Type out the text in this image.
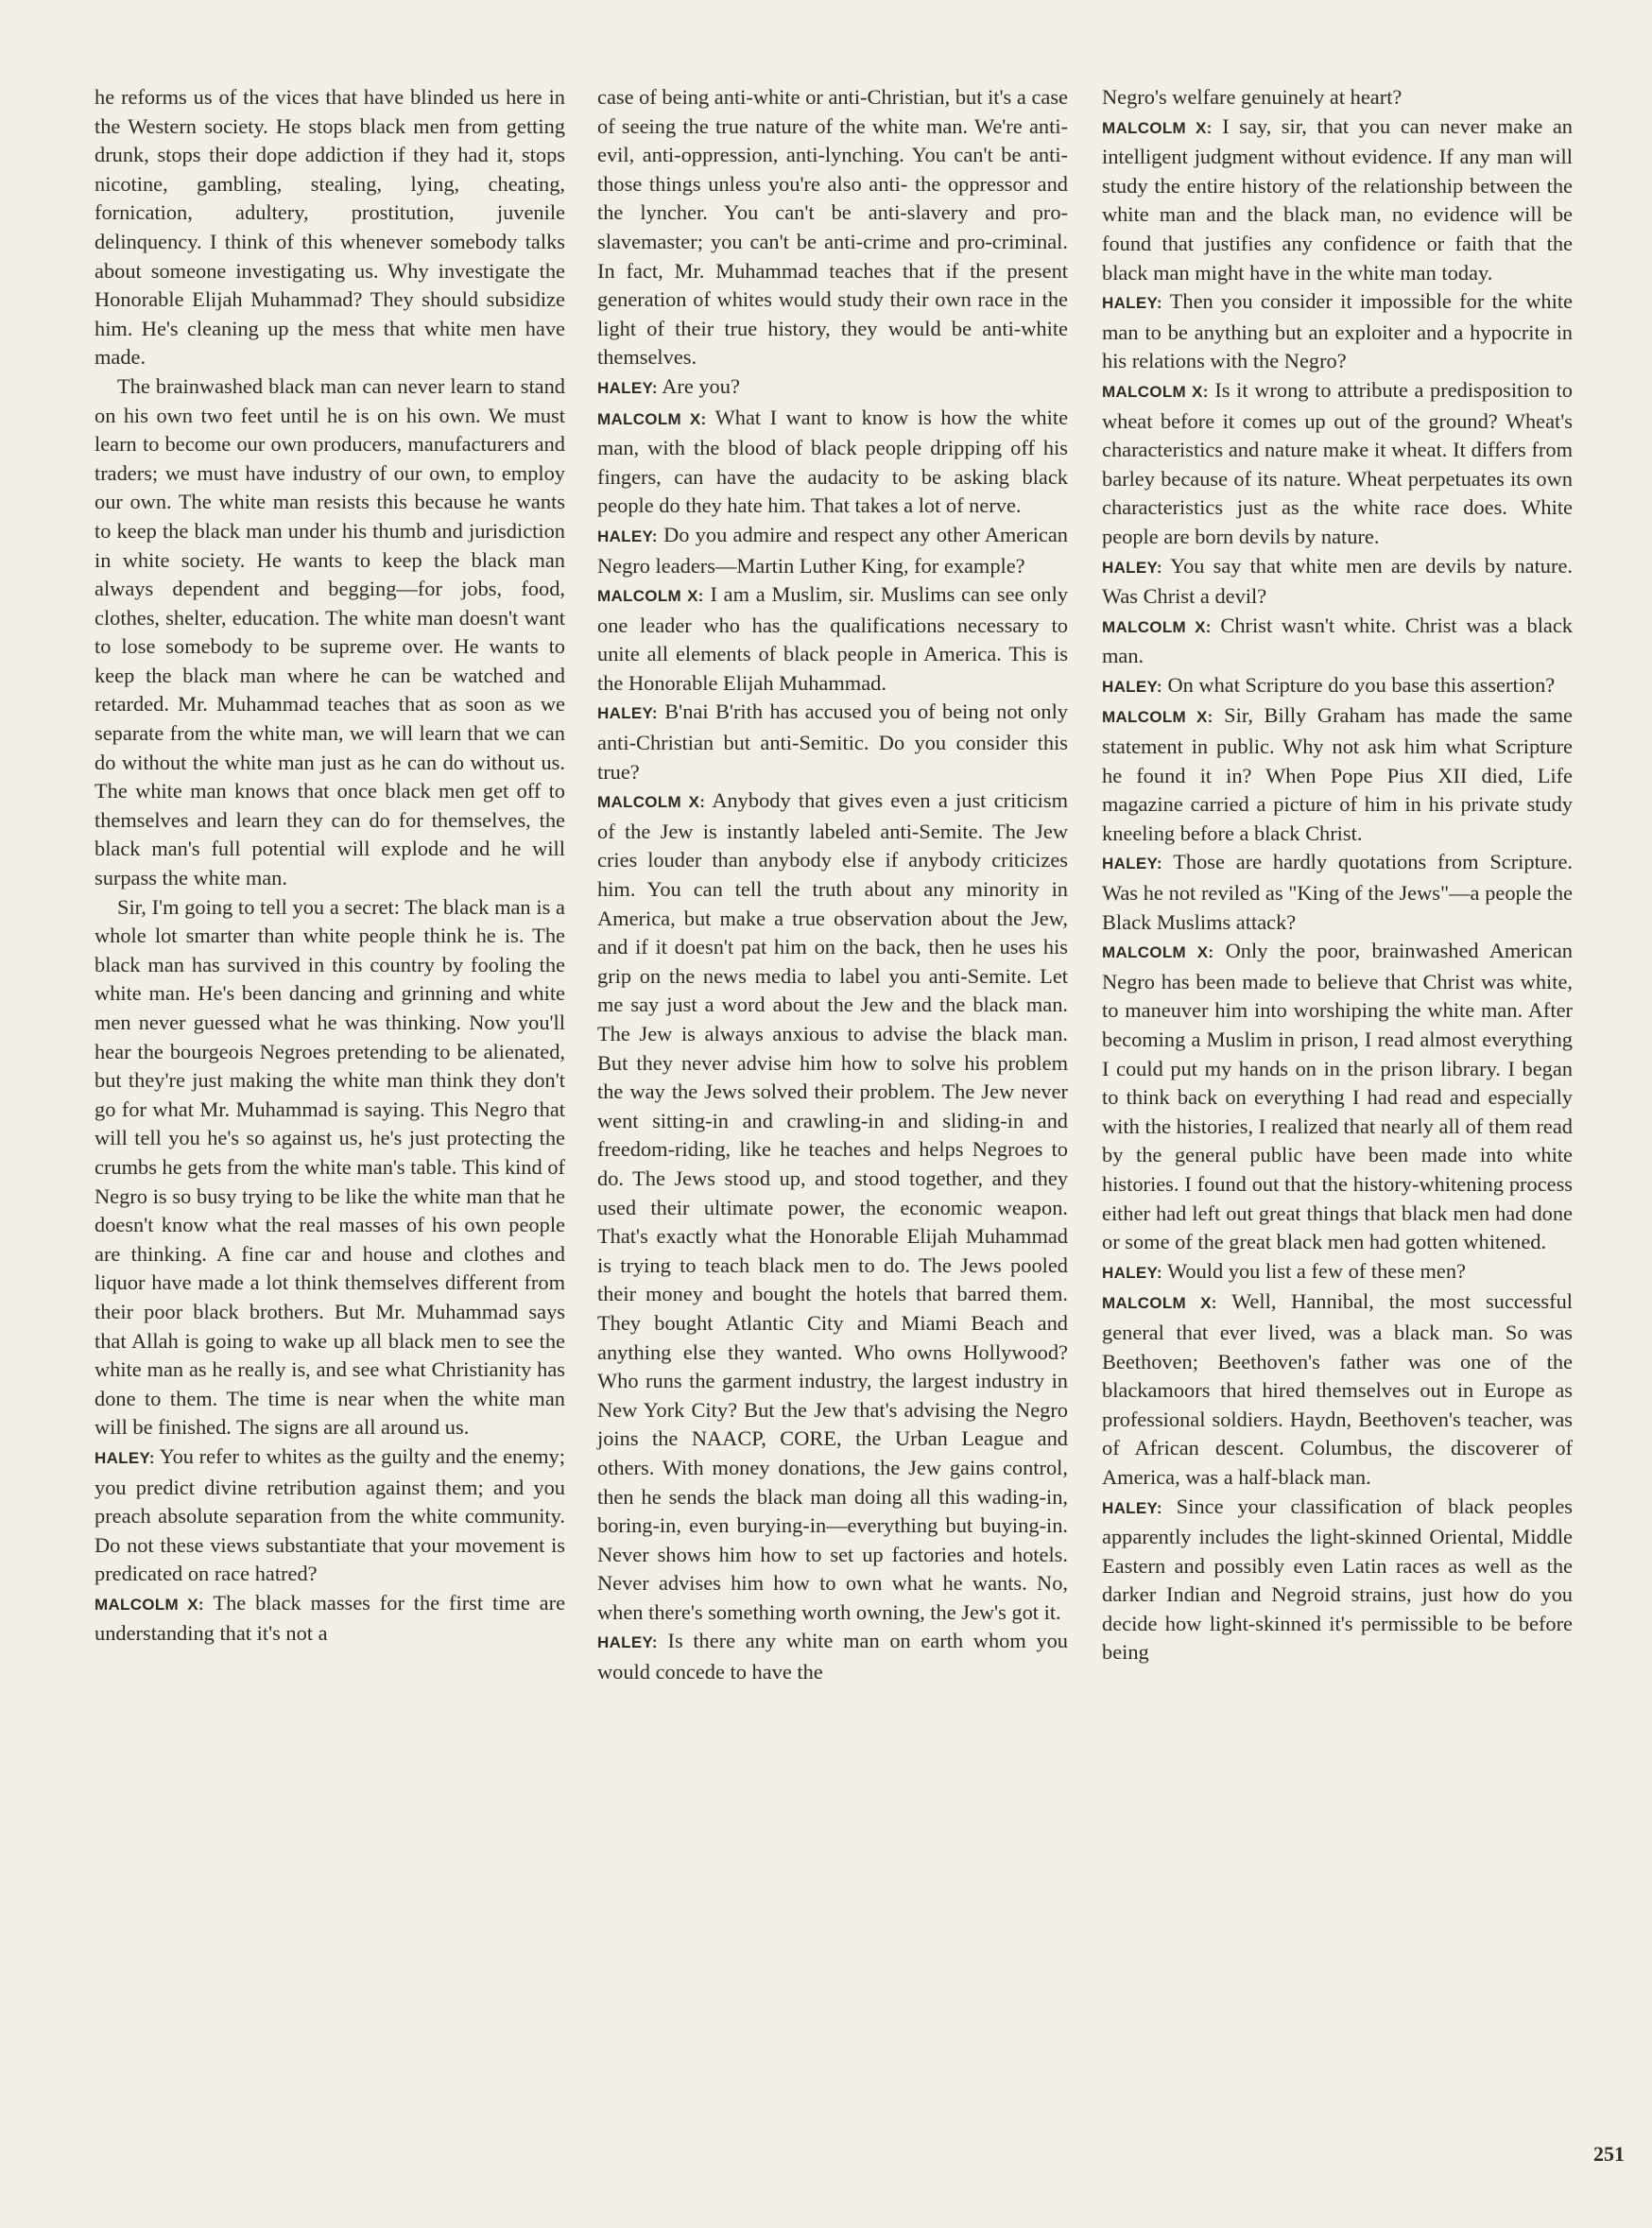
he reforms us of the vices that have blinded us here in the Western society. He stops black men from getting drunk, stops their dope addiction if they had it, stops nicotine, gambling, stealing, lying, cheating, fornication, adultery, prostitution, juvenile delinquency. I think of this whenever somebody talks about someone investigating us. Why investigate the Honorable Elijah Muhammad? They should subsidize him. He's cleaning up the mess that white men have made.

The brainwashed black man can never learn to stand on his own two feet until he is on his own. We must learn to become our own producers, manufacturers and traders; we must have industry of our own, to employ our own. The white man resists this because he wants to keep the black man under his thumb and jurisdiction in white society. He wants to keep the black man always dependent and begging—for jobs, food, clothes, shelter, education. The white man doesn't want to lose somebody to be supreme over. He wants to keep the black man where he can be watched and retarded. Mr. Muhammad teaches that as soon as we separate from the white man, we will learn that we can do without the white man just as he can do without us. The white man knows that once black men get off to themselves and learn they can do for themselves, the black man's full potential will explode and he will surpass the white man.

Sir, I'm going to tell you a secret: The black man is a whole lot smarter than white people think he is. The black man has survived in this country by fooling the white man. He's been dancing and grinning and white men never guessed what he was thinking. Now you'll hear the bourgeois Negroes pretending to be alienated, but they're just making the white man think they don't go for what Mr. Muhammad is saying. This Negro that will tell you he's so against us, he's just protecting the crumbs he gets from the white man's table. This kind of Negro is so busy trying to be like the white man that he doesn't know what the real masses of his own people are thinking. A fine car and house and clothes and liquor have made a lot think themselves different from their poor black brothers. But Mr. Muhammad says that Allah is going to wake up all black men to see the white man as he really is, and see what Christianity has done to them. The time is near when the white man will be finished. The signs are all around us.

HALEY: You refer to whites as the guilty and the enemy; you predict divine retribution against them; and you preach absolute separation from the white community. Do not these views substantiate that your movement is predicated on race hatred?

MALCOLM X: The black masses for the first time are understanding that it's not a

case of being anti-white or anti-Christian, but it's a case of seeing the true nature of the white man. We're anti-evil, anti-oppression, anti-lynching. You can't be anti- those things unless you're also anti- the oppressor and the lyncher. You can't be anti-slavery and pro-slavemaster; you can't be anti-crime and pro-criminal. In fact, Mr. Muhammad teaches that if the present generation of whites would study their own race in the light of their true history, they would be anti-white themselves.

HALEY: Are you?

MALCOLM X: What I want to know is how the white man, with the blood of black people dripping off his fingers, can have the audacity to be asking black people do they hate him. That takes a lot of nerve.

HALEY: Do you admire and respect any other American Negro leaders—Martin Luther King, for example?

MALCOLM X: I am a Muslim, sir. Muslims can see only one leader who has the qualifications necessary to unite all elements of black people in America. This is the Honorable Elijah Muhammad.

HALEY: B'nai B'rith has accused you of being not only anti-Christian but anti-Semitic. Do you consider this true?

MALCOLM X: Anybody that gives even a just criticism of the Jew is instantly labeled anti-Semite. The Jew cries louder than anybody else if anybody criticizes him. You can tell the truth about any minority in America, but make a true observation about the Jew, and if it doesn't pat him on the back, then he uses his grip on the news media to label you anti-Semite. Let me say just a word about the Jew and the black man. The Jew is always anxious to advise the black man. But they never advise him how to solve his problem the way the Jews solved their problem. The Jew never went sitting-in and crawling-in and sliding-in and freedom-riding, like he teaches and helps Negroes to do. The Jews stood up, and stood together, and they used their ultimate power, the economic weapon. That's exactly what the Honorable Elijah Muhammad is trying to teach black men to do. The Jews pooled their money and bought the hotels that barred them. They bought Atlantic City and Miami Beach and anything else they wanted. Who owns Hollywood? Who runs the garment industry, the largest industry in New York City? But the Jew that's advising the Negro joins the NAACP, CORE, the Urban League and others. With money donations, the Jew gains control, then he sends the black man doing all this wading-in, boring-in, even burying-in—everything but buying-in. Never shows him how to set up factories and hotels. Never advises him how to own what he wants. No, when there's something worth owning, the Jew's got it.

HALEY: Is there any white man on earth whom you would concede to have the

Negro's welfare genuinely at heart?

MALCOLM X: I say, sir, that you can never make an intelligent judgment without evidence. If any man will study the entire history of the relationship between the white man and the black man, no evidence will be found that justifies any confidence or faith that the black man might have in the white man today.

HALEY: Then you consider it impossible for the white man to be anything but an exploiter and a hypocrite in his relations with the Negro?

MALCOLM X: Is it wrong to attribute a predisposition to wheat before it comes up out of the ground? Wheat's characteristics and nature make it wheat. It differs from barley because of its nature. Wheat perpetuates its own characteristics just as the white race does. White people are born devils by nature.

HALEY: You say that white men are devils by nature. Was Christ a devil?

MALCOLM X: Christ wasn't white. Christ was a black man.

HALEY: On what Scripture do you base this assertion?

MALCOLM X: Sir, Billy Graham has made the same statement in public. Why not ask him what Scripture he found it in? When Pope Pius XII died, Life magazine carried a picture of him in his private study kneeling before a black Christ.

HALEY: Those are hardly quotations from Scripture. Was he not reviled as "King of the Jews"—a people the Black Muslims attack?

MALCOLM X: Only the poor, brainwashed American Negro has been made to believe that Christ was white, to maneuver him into worshiping the white man. After becoming a Muslim in prison, I read almost everything I could put my hands on in the prison library. I began to think back on everything I had read and especially with the histories, I realized that nearly all of them read by the general public have been made into white histories. I found out that the history-whitening process either had left out great things that black men had done or some of the great black men had gotten whitened.

HALEY: Would you list a few of these men?

MALCOLM X: Well, Hannibal, the most successful general that ever lived, was a black man. So was Beethoven; Beethoven's father was one of the blackamoors that hired themselves out in Europe as professional soldiers. Haydn, Beethoven's teacher, was of African descent. Columbus, the discoverer of America, was a half-black man.

HALEY: Since your classification of black peoples apparently includes the light-skinned Oriental, Middle Eastern and possibly even Latin races as well as the darker Indian and Negroid strains, just how do you decide how light-skinned it's permissible to be before being

251
